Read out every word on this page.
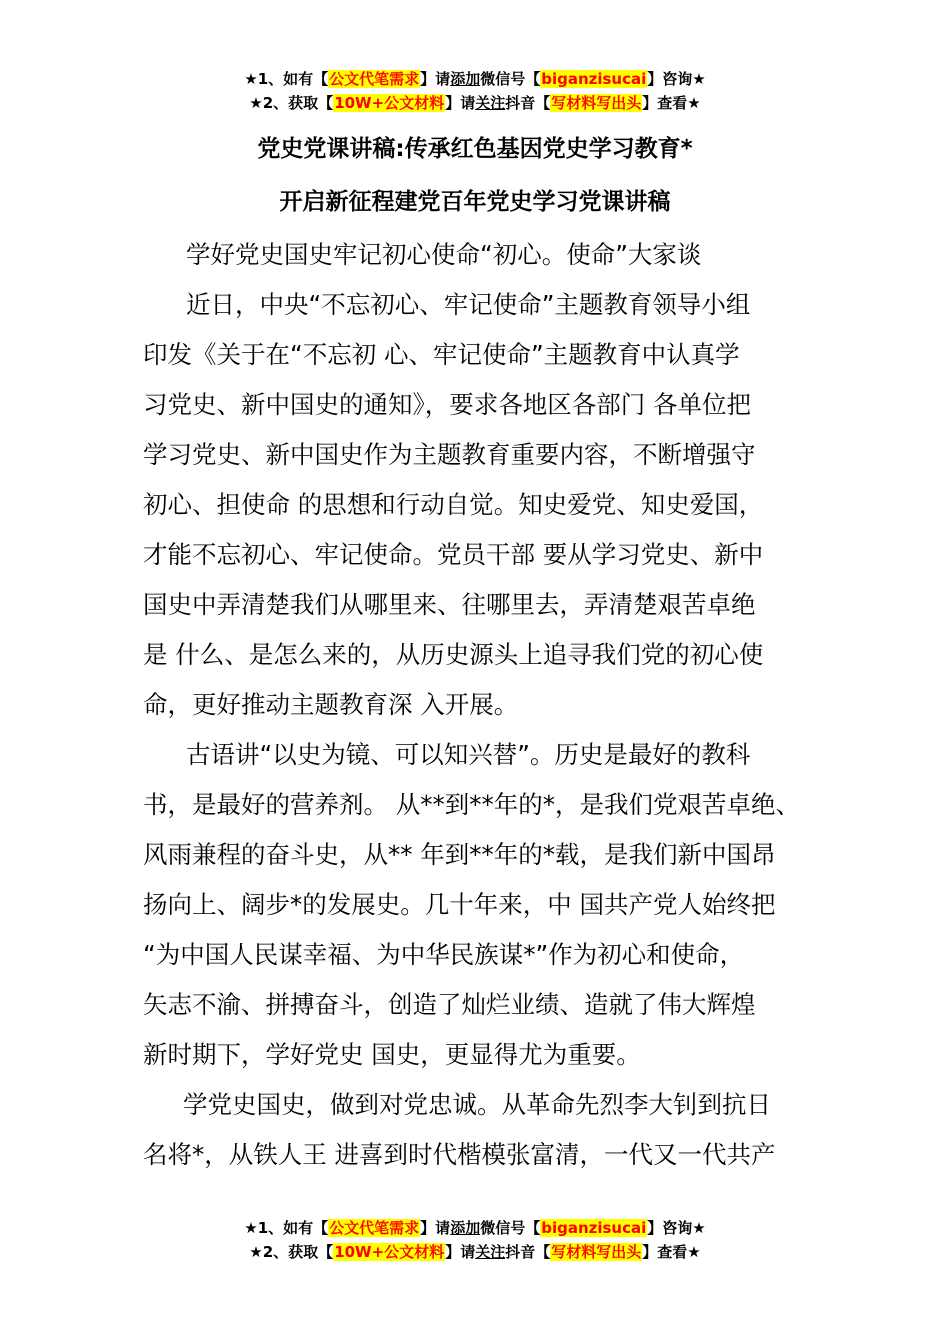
★1、如有【公文代笔需求】请添加微信号【biganzisucai】咨询★
★2、获取【10W+公文材料】请关注抖音【写材料写出头】查看★
党史党课讲稿:传承红色基因党史学习教育*
开启新征程建党百年党史学习党课讲稿
学好党史国史牢记初心使命“初心。使命”大家谈
近日，中央“不忘初心、牢记使命”主题教育领导小组
印发《关于在“不忘初 心、牢记使命”主题教育中认真学
习党史、新中国史的通知》，要求各地区各部门 各单位把
学习党史、新中国史作为主题教育重要内容，不断增强守
初心、担使命 的思想和行动自觉。知史爱党、知史爱国，
才能不忘初心、牢记使命。党员干部 要从学习党史、新中
国史中弄清楚我们从哪里来、往哪里去，弄清楚艰苦卓绝
是 什么、是怎么来的，从历史源头上追寻我们党的初心使
命，更好推动主题教育深 入开展。
古语讲“以史为镜、可以知兴替”。历史是最好的教科
书，是最好的营养剂。 从**到**年的*，是我们党艰苦卓绝、
风雨兼程的奋斗史，从** 年到**年的*载，是我们新中国昂
扬向上、阔步*的发展史。几十年来，中 国共产党人始终把
“为中国人民谋幸福、为中华民族谋*”作为初心和使命，
矢志不渝、拼搏奋斗，创造了灿烂业绩、造就了伟大辉煌
新时期下，学好党史 国史，更显得尤为重要。
学党史国史，做到对党忠诚。从革命先烈李大钊到抗日
名将*，从铁人王 进喜到时代楷模张富清，一代又一代共产
★1、如有【公文代笔需求】请添加微信号【biganzisucai】咨询★
★2、获取【10W+公文材料】请关注抖音【写材料写出头】查看★
